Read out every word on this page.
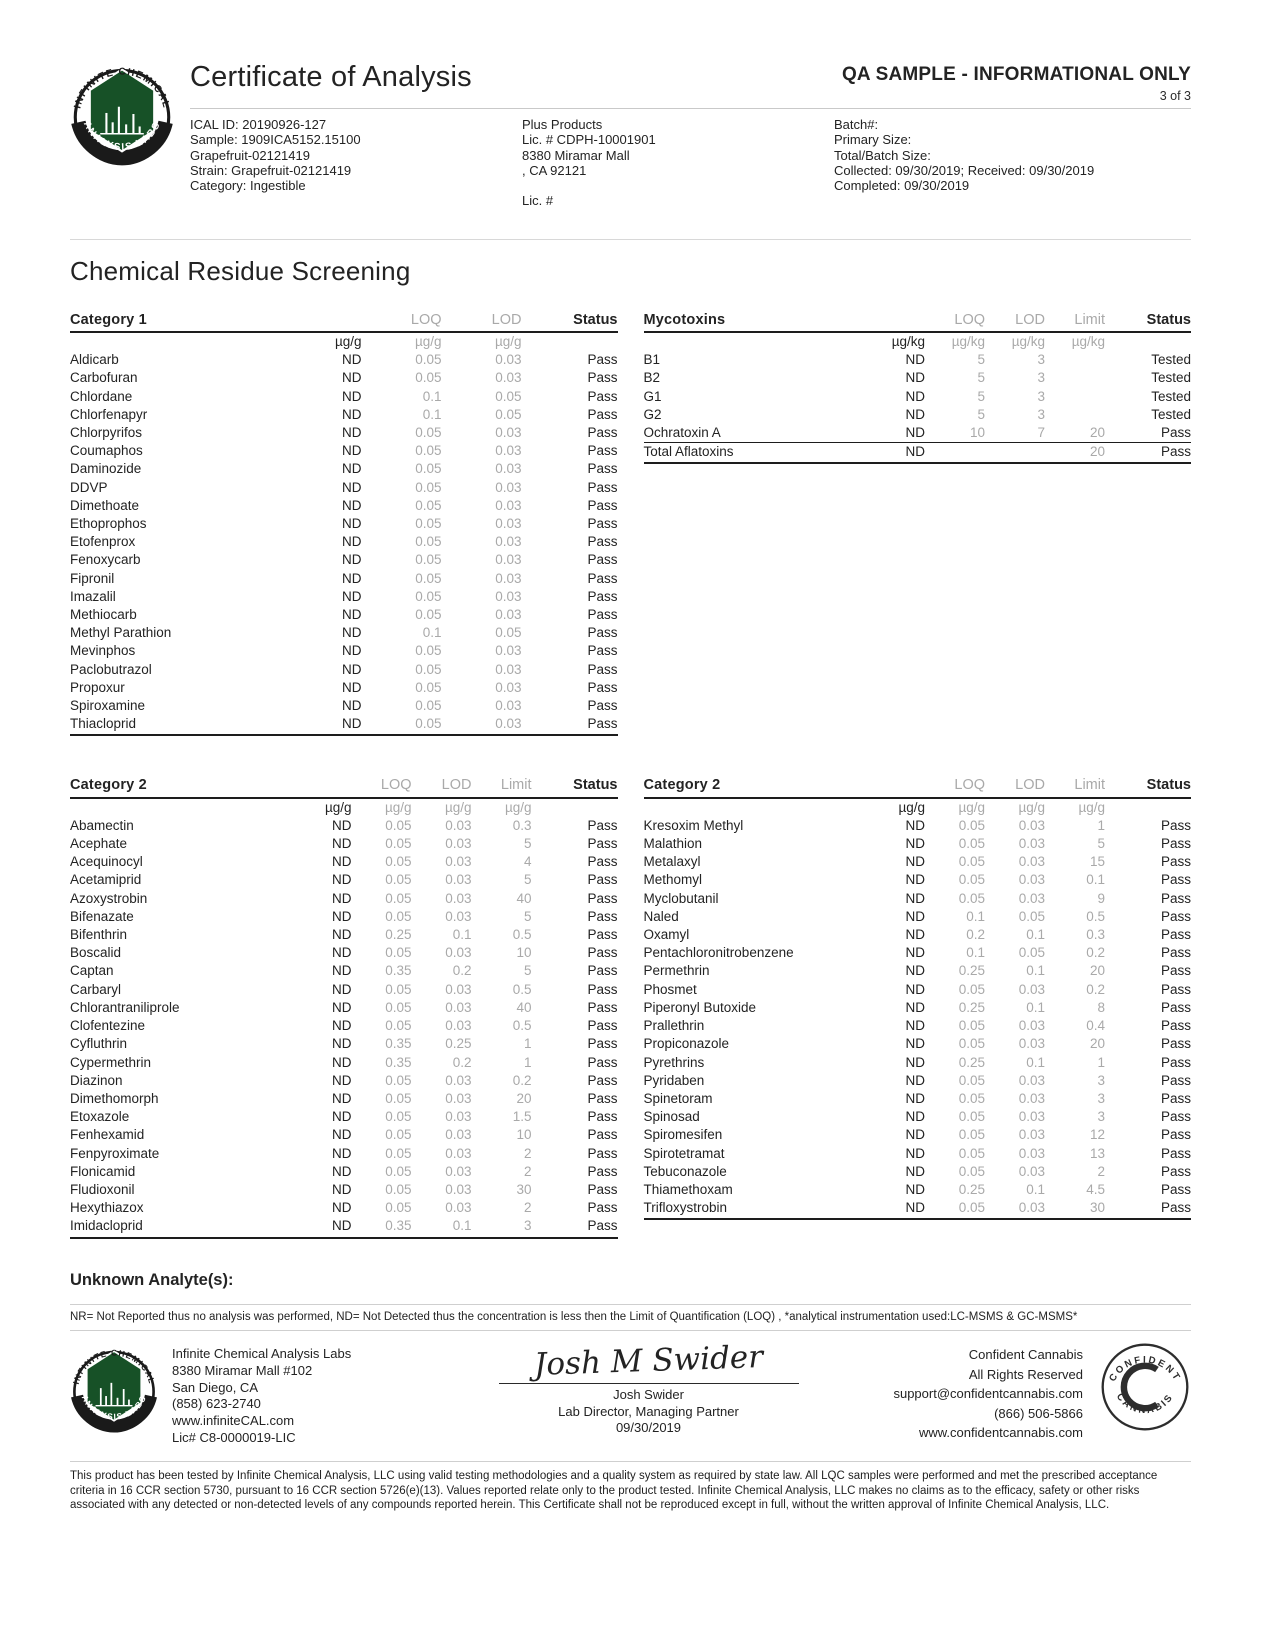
Certificate of Analysis	QA SAMPLE - INFORMATIONAL ONLY
3 of 3
ICAL ID: 20190926-127
Sample: 1909ICA5152.15100
Grapefruit-02121419
Strain: Grapefruit-02121419
Category: Ingestible
Plus Products
Lic. # CDPH-10001901
8380 Miramar Mall
, CA 92121
Lic. #
Batch#:
Primary Size:
Total/Batch Size:
Collected: 09/30/2019; Received: 09/30/2019
Completed: 09/30/2019
Chemical Residue Screening
Category 1		LOQ	LOD	Status
	µg/g	µg/g	µg/g	
Aldicarb	ND	0.05	0.03	Pass
Carbofuran	ND	0.05	0.03	Pass
Chlordane	ND	0.1	0.05	Pass
Chlorfenapyr	ND	0.1	0.05	Pass
Chlorpyrifos	ND	0.05	0.03	Pass
Coumaphos	ND	0.05	0.03	Pass
Daminozide	ND	0.05	0.03	Pass
DDVP	ND	0.05	0.03	Pass
Dimethoate	ND	0.05	0.03	Pass
Ethoprophos	ND	0.05	0.03	Pass
Etofenprox	ND	0.05	0.03	Pass
Fenoxycarb	ND	0.05	0.03	Pass
Fipronil	ND	0.05	0.03	Pass
Imazalil	ND	0.05	0.03	Pass
Methiocarb	ND	0.05	0.03	Pass
Methyl Parathion	ND	0.1	0.05	Pass
Mevinphos	ND	0.05	0.03	Pass
Paclobutrazol	ND	0.05	0.03	Pass
Propoxur	ND	0.05	0.03	Pass
Spiroxamine	ND	0.05	0.03	Pass
Thiacloprid	ND	0.05	0.03	Pass
Mycotoxins		LOQ	LOD	Limit	Status
	µg/kg	µg/kg	µg/kg	µg/kg	
B1	ND	5	3		Tested
B2	ND	5	3		Tested
G1	ND	5	3		Tested
G2	ND	5	3		Tested
Ochratoxin A	ND	10	7	20	Pass
Total Aflatoxins	ND			20	Pass
Category 2		LOQ	LOD	Limit	Status
	µg/g	µg/g	µg/g	µg/g	
Abamectin	ND	0.05	0.03	0.3	Pass
Acephate	ND	0.05	0.03	5	Pass
Acequinocyl	ND	0.05	0.03	4	Pass
Acetamiprid	ND	0.05	0.03	5	Pass
Azoxystrobin	ND	0.05	0.03	40	Pass
Bifenazate	ND	0.05	0.03	5	Pass
Bifenthrin	ND	0.25	0.1	0.5	Pass
Boscalid	ND	0.05	0.03	10	Pass
Captan	ND	0.35	0.2	5	Pass
Carbaryl	ND	0.05	0.03	0.5	Pass
Chlorantraniliprole	ND	0.05	0.03	40	Pass
Clofentezine	ND	0.05	0.03	0.5	Pass
Cyfluthrin	ND	0.35	0.25	1	Pass
Cypermethrin	ND	0.35	0.2	1	Pass
Diazinon	ND	0.05	0.03	0.2	Pass
Dimethomorph	ND	0.05	0.03	20	Pass
Etoxazole	ND	0.05	0.03	1.5	Pass
Fenhexamid	ND	0.05	0.03	10	Pass
Fenpyroximate	ND	0.05	0.03	2	Pass
Flonicamid	ND	0.05	0.03	2	Pass
Fludioxonil	ND	0.05	0.03	30	Pass
Hexythiazox	ND	0.05	0.03	2	Pass
Imidacloprid	ND	0.35	0.1	3	Pass
Category 2		LOQ	LOD	Limit	Status
	µg/g	µg/g	µg/g	µg/g	
Kresoxim Methyl	ND	0.05	0.03	1	Pass
Malathion	ND	0.05	0.03	5	Pass
Metalaxyl	ND	0.05	0.03	15	Pass
Methomyl	ND	0.05	0.03	0.1	Pass
Myclobutanil	ND	0.05	0.03	9	Pass
Naled	ND	0.1	0.05	0.5	Pass
Oxamyl	ND	0.2	0.1	0.3	Pass
Pentachloronitrobenzene	ND	0.1	0.05	0.2	Pass
Permethrin	ND	0.25	0.1	20	Pass
Phosmet	ND	0.05	0.03	0.2	Pass
Piperonyl Butoxide	ND	0.25	0.1	8	Pass
Prallethrin	ND	0.05	0.03	0.4	Pass
Propiconazole	ND	0.05	0.03	20	Pass
Pyrethrins	ND	0.25	0.1	1	Pass
Pyridaben	ND	0.05	0.03	3	Pass
Spinetoram	ND	0.05	0.03	3	Pass
Spinosad	ND	0.05	0.03	3	Pass
Spiromesifen	ND	0.05	0.03	12	Pass
Spirotetramat	ND	0.05	0.03	13	Pass
Tebuconazole	ND	0.05	0.03	2	Pass
Thiamethoxam	ND	0.25	0.1	4.5	Pass
Trifloxystrobin	ND	0.05	0.03	30	Pass
Unknown Analyte(s):
NR= Not Reported thus no analysis was performed, ND= Not Detected thus the concentration is less then the Limit of Quantification (LOQ) , *analytical instrumentation used:LC-MSMS & GC-MSMS*
Infinite Chemical Analysis Labs
8380 Miramar Mall #102
San Diego, CA
(858) 623-2740
www.infiniteCAL.com
Lic# C8-0000019-LIC
Josh M Swider
Josh Swider
Lab Director, Managing Partner
09/30/2019
Confident Cannabis
All Rights Reserved
support@confidentcannabis.com
(866) 506-5866
www.confidentcannabis.com
This product has been tested by Infinite Chemical Analysis, LLC using valid testing methodologies and a quality system as required by state law. All LQC samples were performed and met the prescribed acceptance criteria in 16 CCR section 5730, pursuant to 16 CCR section 5726(e)(13). Values reported relate only to the product tested. Infinite Chemical Analysis, LLC makes no claims as to the efficacy, safety or other risks associated with any detected or non-detected levels of any compounds reported herein. This Certificate shall not be reproduced except in full, without the written approval of Infinite Chemical Analysis, LLC.
